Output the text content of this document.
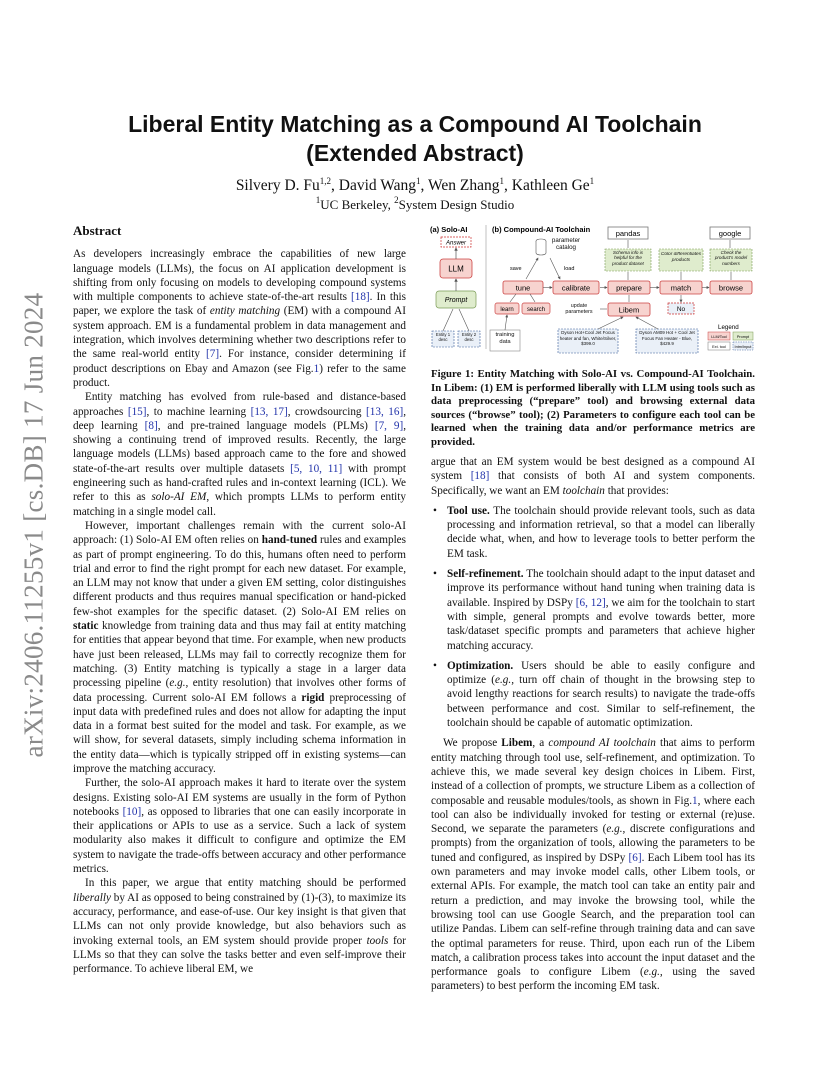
arXiv:2406.11255v1 [cs.DB] 17 Jun 2024
Liberal Entity Matching as a Compound AI Toolchain
(Extended Abstract)
Silvery D. Fu$^{1,2}$, David Wang$^1$, Wen Zhang$^1$, Kathleen Ge$^1$
$^1$UC Berkeley, $^2$System Design Studio

Abstract

As developers increasingly embrace the capabilities of new large language models (LLMs), the focus on AI application development is shifting from only focusing on models to developing compound systems with multiple components to achieve state-of-the-art results [18]. In this paper, we explore the task of entity matching (EM) with a compound AI system approach. EM is a fundamental problem in data management and integration, which involves determining whether two descriptions refer to the same real-world entity [7]. For instance, consider determining if product descriptions on Ebay and Amazon (see Fig.1) refer to the same product.

Entity matching has evolved from rule-based and distance-based approaches [15], to machine learning [13, 17], crowdsourcing [13, 16], deep learning [8], and pre-trained language models (PLMs) [7, 9], showing a continuing trend of improved results. Recently, the large language models (LLMs) based approach came to the fore and showed state-of-the-art results over multiple datasets [5, 10, 11] with prompt engineering such as hand-crafted rules and in-context learning (ICL). We refer to this as solo-AI EM, which prompts LLMs to perform entity matching in a single model call.

However, important challenges remain with the current solo-AI approach: (1) Solo-AI EM often relies on hand-tuned rules and examples as part of prompt engineering. To do this, humans often need to perform trial and error to find the right prompt for each new dataset. For example, an LLM may not know that under a given EM setting, color distinguishes different products and thus requires manual specification or hand-picked few-shot examples for the specific dataset. (2) Solo-AI EM relies on static knowledge from training data and thus may fail at entity matching for entities that appear beyond that time. For example, when new products have just been released, LLMs may fail to correctly recognize them for matching. (3) Entity matching is typically a stage in a larger data processing pipeline (e.g., entity resolution) that involves other forms of data processing. Current solo-AI EM follows a rigid preprocessing of input data with predefined rules and does not allow for adapting the input data in a format best suited for the model and task. For example, as we will show, for several datasets, simply including schema information in the entity data—which is typically stripped off in existing systems—can improve the matching accuracy.

Further, the solo-AI approach makes it hard to iterate over the system designs. Existing solo-AI EM systems are usually in the form of Python notebooks [10], as opposed to libraries that one can easily incorporate in their applications or APIs to use as a service. Such a lack of system modularity also makes it difficult to configure and optimize the EM system to navigate the trade-offs between accuracy and other performance metrics.

In this paper, we argue that entity matching should be performed liberally by AI as opposed to being constrained by (1)-(3), to maximize its accuracy, performance, and ease-of-use. Our key insight is that given that LLMs can not only provide knowledge, but also behaviors such as invoking external tools, an EM system should provide proper tools for LLMs so that they can solve the tasks better and even self-improve their performance. To achieve liberal EM, we

(a) Solo-AI	(b) Compound-AI Toolchain
Answer
LLM
Prompt
Entity 1 desc
Entity 2 desc
parameter catalog
save	load
tune	calibrate
learn search
update parameters
training data
pandas	google
Schema info is helpful for the product dataset
Color differentiates products
Check the product's model numbers
prepare	match	browse
Libem	No
Dyson Hot+Cool Jet Focus heater and fan, White/Silver, $399.0
Dyson AM09 Hot + Cool Jet Focus Fan Heater - Blue, $429.9
Legend
LLM/Tool	Prompt
Ext. tool Intm/Input
Figure 1: Entity Matching with Solo-AI vs. Compound-AI Toolchain. In Libem: (1) EM is performed liberally with LLM using tools such as data preprocessing (“prepare” tool) and browsing external data sources (“browse” tool); (2) Parameters to configure each tool can be learned when the training data and/or performance metrics are provided.

argue that an EM system would be best designed as a compound AI system [18] that consists of both AI and system components. Specifically, we want an EM toolchain that provides:

• Tool use. The toolchain should provide relevant tools, such as data processing and information retrieval, so that a model can liberally decide what, when, and how to leverage tools to better perform the EM task.
• Self-refinement. The toolchain should adapt to the input dataset and improve its performance without hand tuning when training data is available. Inspired by DSPy [6, 12], we aim for the toolchain to start with simple, general prompts and evolve towards better, more task/dataset specific prompts and parameters that achieve higher matching accuracy.
• Optimization. Users should be able to easily configure and optimize (e.g., turn off chain of thought in the browsing step to avoid lengthy reactions for search results) to navigate the trade-offs between performance and cost. Similar to self-refinement, the toolchain should be capable of automatic optimization.

We propose Libem, a compound AI toolchain that aims to perform entity matching through tool use, self-refinement, and optimization. To achieve this, we made several key design choices in Libem. First, instead of a collection of prompts, we structure Libem as a collection of composable and reusable modules/tools, as shown in Fig.1, where each tool can also be individually invoked for testing or external (re)use. Second, we separate the parameters (e.g., discrete configurations and prompts) from the organization of tools, allowing the parameters to be tuned and configured, as inspired by DSPy [6]. Each Libem tool has its own parameters and may invoke model calls, other Libem tools, or external APIs. For example, the match tool can take an entity pair and return a prediction, and may invoke the browsing tool, while the browsing tool can use Google Search, and the preparation tool can utilize Pandas. Libem can self-refine through training data and can save the optimal parameters for reuse. Third, upon each run of the Libem match, a calibration process takes into account the input dataset and the performance goals to configure Libem (e.g., using the saved parameters) to best perform the incoming EM task.
